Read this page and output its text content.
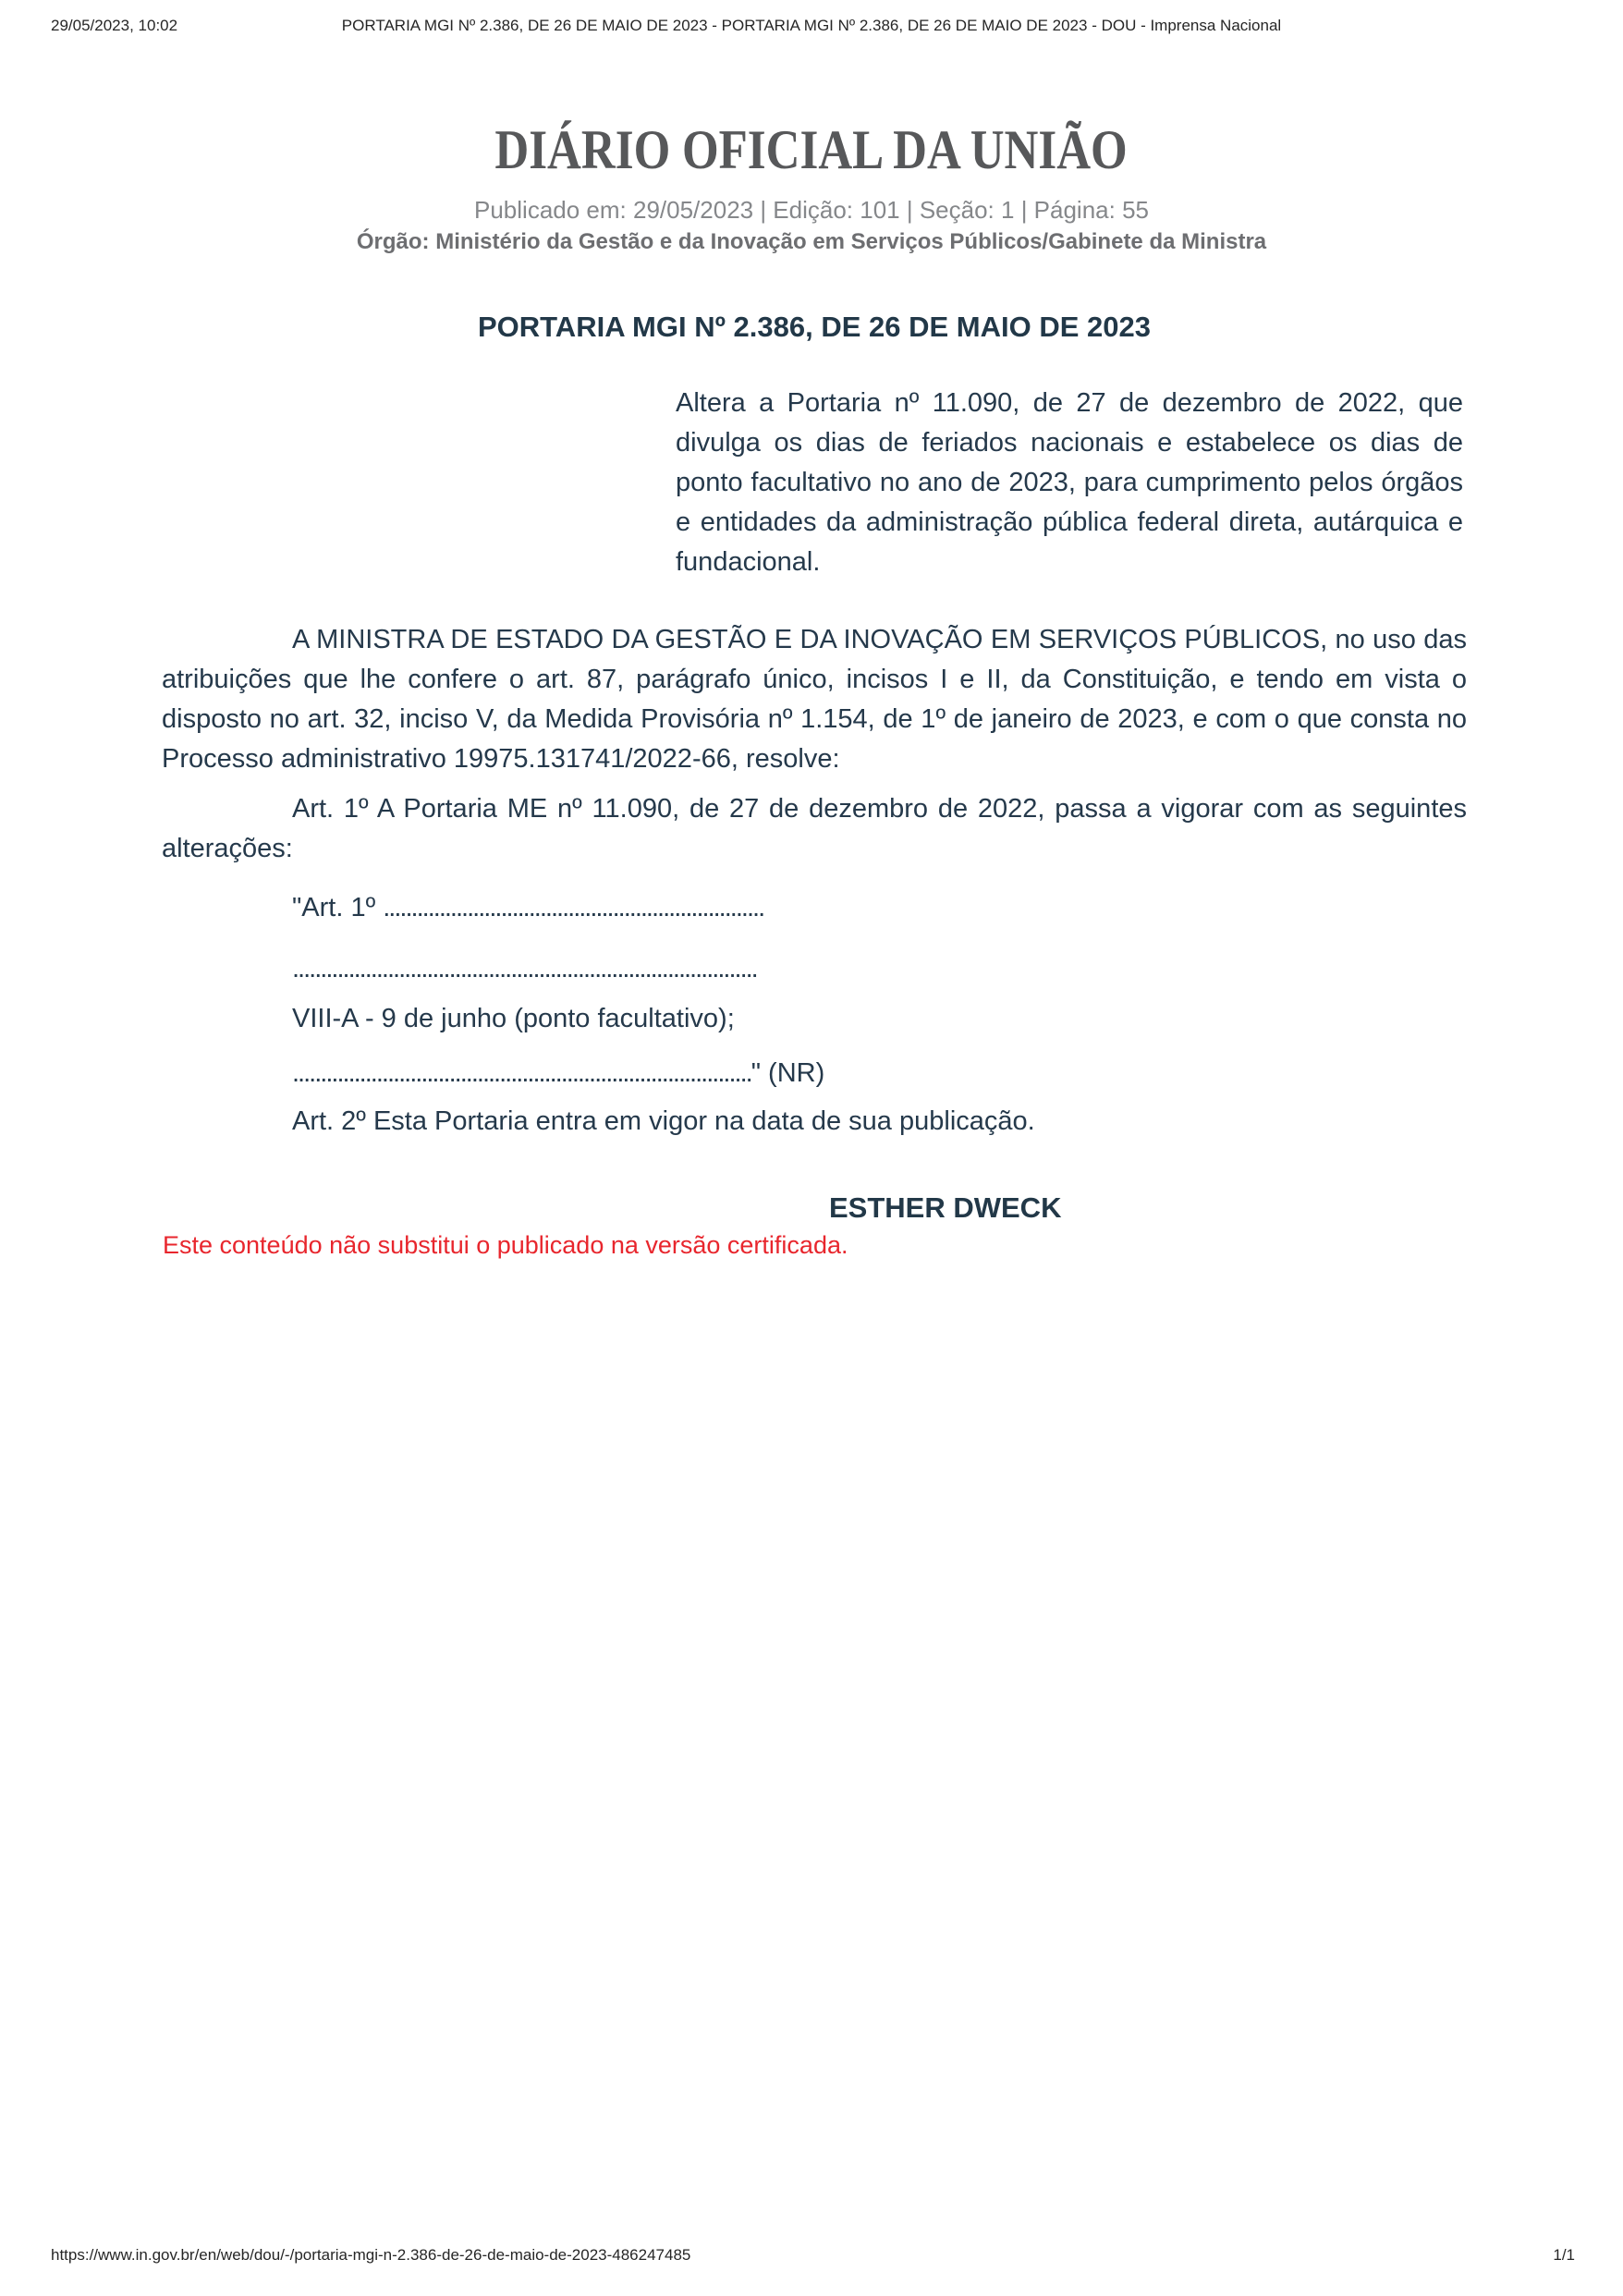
29/05/2023, 10:02	PORTARIA MGI Nº 2.386, DE 26 DE MAIO DE 2023 - PORTARIA MGI Nº 2.386, DE 26 DE MAIO DE 2023 - DOU - Imprensa Nacional
DIÁRIO OFICIAL DA UNIÃO
Publicado em: 29/05/2023 | Edição: 101 | Seção: 1 | Página: 55
Órgão: Ministério da Gestão e da Inovação em Serviços Públicos/Gabinete da Ministra
PORTARIA MGI Nº 2.386, DE 26 DE MAIO DE 2023
Altera a Portaria nº 11.090, de 27 de dezembro de 2022, que divulga os dias de feriados nacionais e estabelece os dias de ponto facultativo no ano de 2023, para cumprimento pelos órgãos e entidades da administração pública federal direta, autárquica e fundacional.
A MINISTRA DE ESTADO DA GESTÃO E DA INOVAÇÃO EM SERVIÇOS PÚBLICOS, no uso das atribuições que lhe confere o art. 87, parágrafo único, incisos I e II, da Constituição, e tendo em vista o disposto no art. 32, inciso V, da Medida Provisória nº 1.154, de 1º de janeiro de 2023, e com o que consta no Processo administrativo 19975.131741/2022-66, resolve:
Art. 1º A Portaria ME nº 11.090, de 27 de dezembro de 2022, passa a vigorar com as seguintes alterações:
"Art. 1º ....................................................................
...................................................................................
VIII-A - 9 de junho (ponto facultativo);
.................................................................................." (NR)
Art. 2º Esta Portaria entra em vigor na data de sua publicação.
ESTHER DWECK
Este conteúdo não substitui o publicado na versão certificada.
https://www.in.gov.br/en/web/dou/-/portaria-mgi-n-2.386-de-26-de-maio-de-2023-486247485	1/1
